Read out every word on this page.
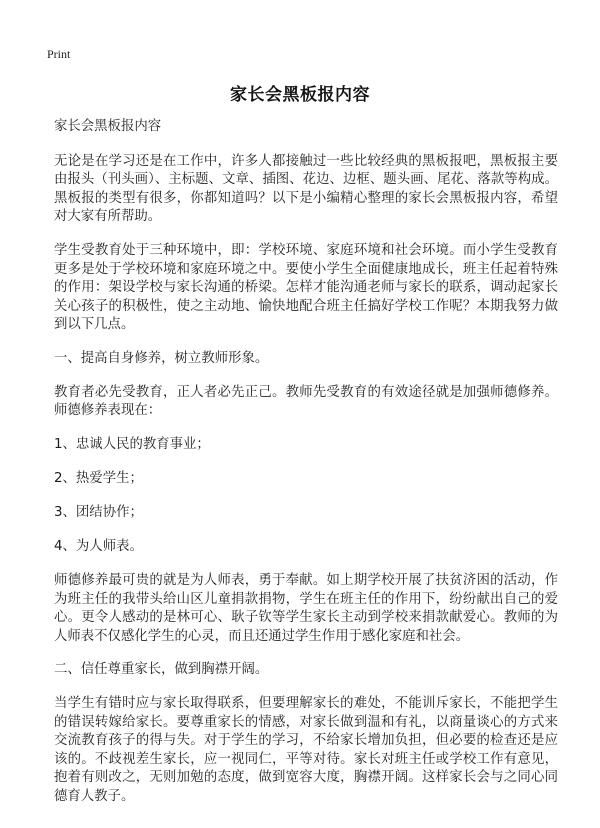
Print
家长会黑板报内容

家长会黑板报内容

无论是在学习还是在工作中，许多人都接触过一些比较经典的黑板报吧，黑板报主要由报头（刊头画）、主标题、文章、插图、花边、边框、题头画、尾花、落款等构成。黑板报的类型有很多，你都知道吗？以下是小编精心整理的家长会黑板报内容，希望对大家有所帮助。

学生受教育处于三种环境中，即：学校环境、家庭环境和社会环境。而小学生受教育更多是处于学校环境和家庭环境之中。要使小学生全面健康地成长，班主任起着特殊的作用：架设学校与家长沟通的桥梁。怎样才能沟通老师与家长的联系，调动起家长关心孩子的积极性，使之主动地、愉快地配合班主任搞好学校工作呢？本期我努力做到以下几点。

一、提高自身修养，树立教师形象。

教育者必先受教育，正人者必先正己。教师先受教育的有效途径就是加强师德修养。师德修养表现在：

1、忠诚人民的教育事业；

2、热爱学生；

3、团结协作；

4、为人师表。

师德修养最可贵的就是为人师表，勇于奉献。如上期学校开展了扶贫济困的活动，作为班主任的我带头给山区儿童捐款捐物，学生在班主任的作用下，纷纷献出自己的爱心。更令人感动的是林可心、耿子钦等学生家长主动到学校来捐款献爱心。教师的为人师表不仅感化学生的心灵，而且还通过学生作用于感化家庭和社会。

二、信任尊重家长，做到胸襟开阔。

当学生有错时应与家长取得联系，但要理解家长的难处，不能训斥家长，不能把学生的错误转嫁给家长。要尊重家长的情感，对家长做到温和有礼，以商量谈心的方式来交流教育孩子的得与失。对于学生的学习，不给家长增加负担，但必要的检查还是应该的。不歧视差生家长，应一视同仁，平等对待。家长对班主任或学校工作有意见，抱着有则改之，无则加勉的态度，做到宽容大度，胸襟开阔。这样家长会与之同心同德育人教子。
